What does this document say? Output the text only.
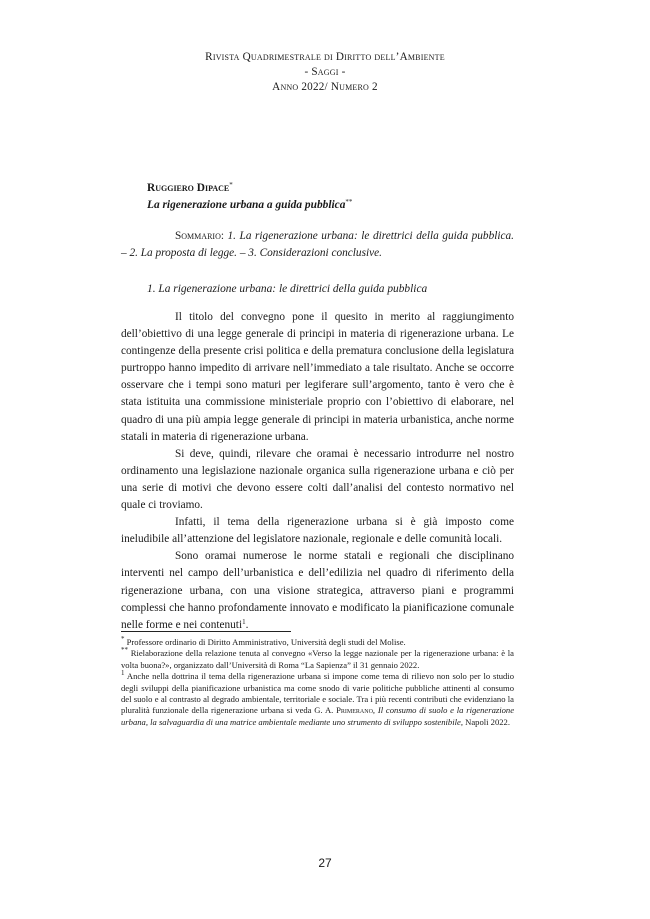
Rivista Quadrimestrale di Diritto dell’Ambiente
- Saggi -
Anno 2022/ Numero 2
Ruggiero Dipace*
La rigenerazione urbana a guida pubblica**
Sommario: 1. La rigenerazione urbana: le direttrici della guida pubblica. – 2. La proposta di legge. – 3. Considerazioni conclusive.
1. La rigenerazione urbana: le direttrici della guida pubblica

Il titolo del convegno pone il quesito in merito al raggiungimento dell’obiettivo di una legge generale di principi in materia di rigenerazione urbana. Le contingenze della presente crisi politica e della prematura conclusione della legislatura purtroppo hanno impedito di arrivare nell’immediato a tale risultato. Anche se occorre osservare che i tempi sono maturi per legiferare sull’argomento, tanto è vero che è stata istituita una commissione ministeriale proprio con l’obiettivo di elaborare, nel quadro di una più ampia legge generale di principi in materia urbanistica, anche norme statali in materia di rigenerazione urbana.

Si deve, quindi, rilevare che oramai è necessario introdurre nel nostro ordinamento una legislazione nazionale organica sulla rigenerazione urbana e ciò per una serie di motivi che devono essere colti dall’analisi del contesto normativo nel quale ci troviamo.

Infatti, il tema della rigenerazione urbana si è già imposto come ineludibile all’attenzione del legislatore nazionale, regionale e delle comunità locali.

Sono oramai numerose le norme statali e regionali che disciplinano interventi nel campo dell’urbanistica e dell’edilizia nel quadro di riferimento della rigenerazione urbana, con una visione strategica, attraverso piani e programmi complessi che hanno profondamente innovato e modificato la pianificazione comunale nelle forme e nei contenuti$^1$.

* Professore ordinario di Diritto Amministrativo, Università degli studi del Molise.

** Rielaborazione della relazione tenuta al convegno «Verso la legge nazionale per la rigenerazione urbana: è la volta buona?», organizzato dall’Università di Roma “La Sapienza” il 31 gennaio 2022.

$^1$ Anche nella dottrina il tema della rigenerazione urbana si impone come tema di rilievo non solo per lo studio degli sviluppi della pianificazione urbanistica ma come snodo di varie politiche pubbliche attinenti al consumo del suolo e al contrasto al degrado ambientale, territoriale e sociale. Tra i più recenti contributi che evidenziano la pluralità funzionale della rigenerazione urbana si veda G. A. Primerano, Il consumo di suolo e la rigenerazione urbana, la salvaguardia di una matrice ambientale mediante uno strumento di sviluppo sostenibile, Napoli 2022.

27
